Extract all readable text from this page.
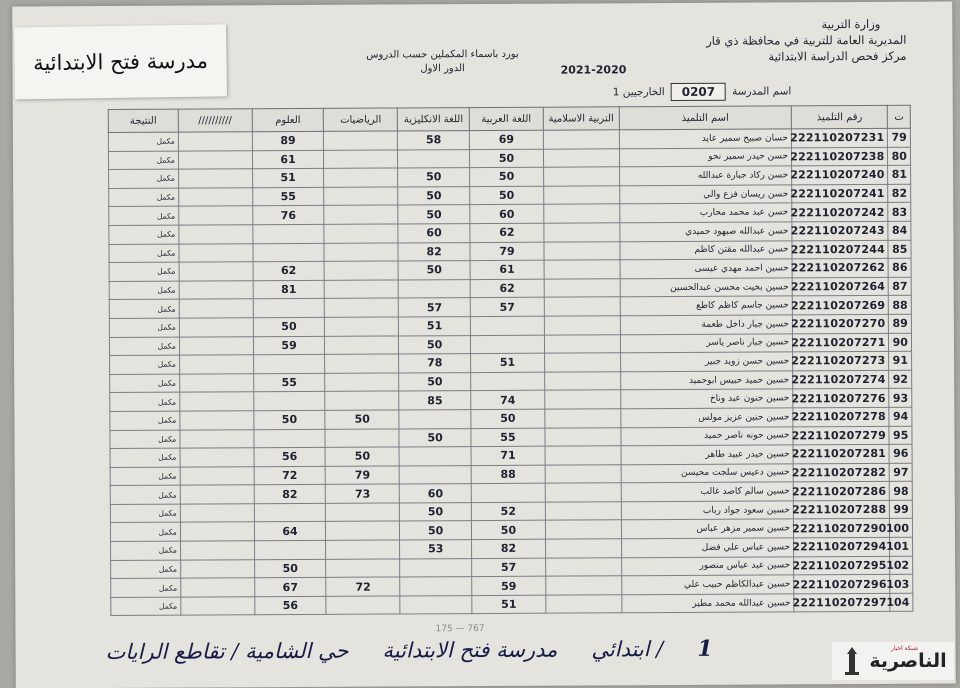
مدرسة فتح الابتدائية
وزارة التربية
المديرية العامة للتربية في محافظة ذي قار
مركز فحص الدراسة الابتدائية
بورد باسماء المكملين حسب الدروس
الدور الاول	2021-2020
اسم المدرسة
0207
الخارجيين 1
ت	رقم التلميذ	اسم التلميذ	التربية الاسلامية	اللغة العربية	اللغة الانكليزية	الرياضيات	العلوم	//////////	النتيجة
79	222110207231	حسان صبيح سمير عايد		69	58		89		مكمل
80	222110207238	حسن حيدر سمير نحو		50			61		مكمل
81	222110207240	حسن ركاد جبارة عبدالله		50	50		51		مكمل
82	222110207241	حسن ريسان فزع والي		50	50		55		مكمل
83	222110207242	حسن عبد محمد محارب		60	50		76		مكمل
84	222110207243	حسن عبدالله صبهود حميدي		62	60				مكمل
85	222110207244	حسن عبدالله مقتن كاظم		79	82				مكمل
86	222110207262	حسين احمد مهدي عيسى		61	50		62		مكمل
87	222110207264	حسين بخيت محسن عبدالحسين		62			81		مكمل
88	222110207269	حسين جاسم كاظم كاطع		57	57				مكمل
89	222110207270	حسين جبار داخل طعمة			51		50		مكمل
90	222110207271	حسين جبار ناصر ياسر			50		59		مكمل
91	222110207273	حسين حسن زويد جبير		51	78				مكمل
92	222110207274	حسين حميد حبيس ابوحميد			50		55		مكمل
93	222110207276	حسين حنون عبد وناخ		74	85				مكمل
94	222110207278	حسين حنين عزيز مولس		50		50	50		مكمل
95	222110207279	حسين حونه ناصر حميد		55	50				مكمل
96	222110207281	حسين حيدر عبيد طاهر		71		50	56		مكمل
97	222110207282	حسين دعيس سلجت محيسن		88		79	72		مكمل
98	222110207286	حسين سالم كاصد غالب			60	73	82		مكمل
99	222110207288	حسين سعود جواد رباب		52	50				مكمل
100	222110207290	حسين سمير مزهر عباس		50	50		64		مكمل
101	222110207294	حسين عباس علي فضل		82	53				مكمل
102	222110207295	حسين عبد عباس منصور		57			50		مكمل
103	222110207296	حسين عبدالكاظم حبيب علي		59		72	67		مكمل
104	222110207297	حسين عبدالله محمد مطير		51			56		مكمل
175 — 767
1
/ ابتدائي
مدرسة فتح الابتدائية
حي الشامية / تقاطع الرايات	شبكة اخبار
الناصرية
